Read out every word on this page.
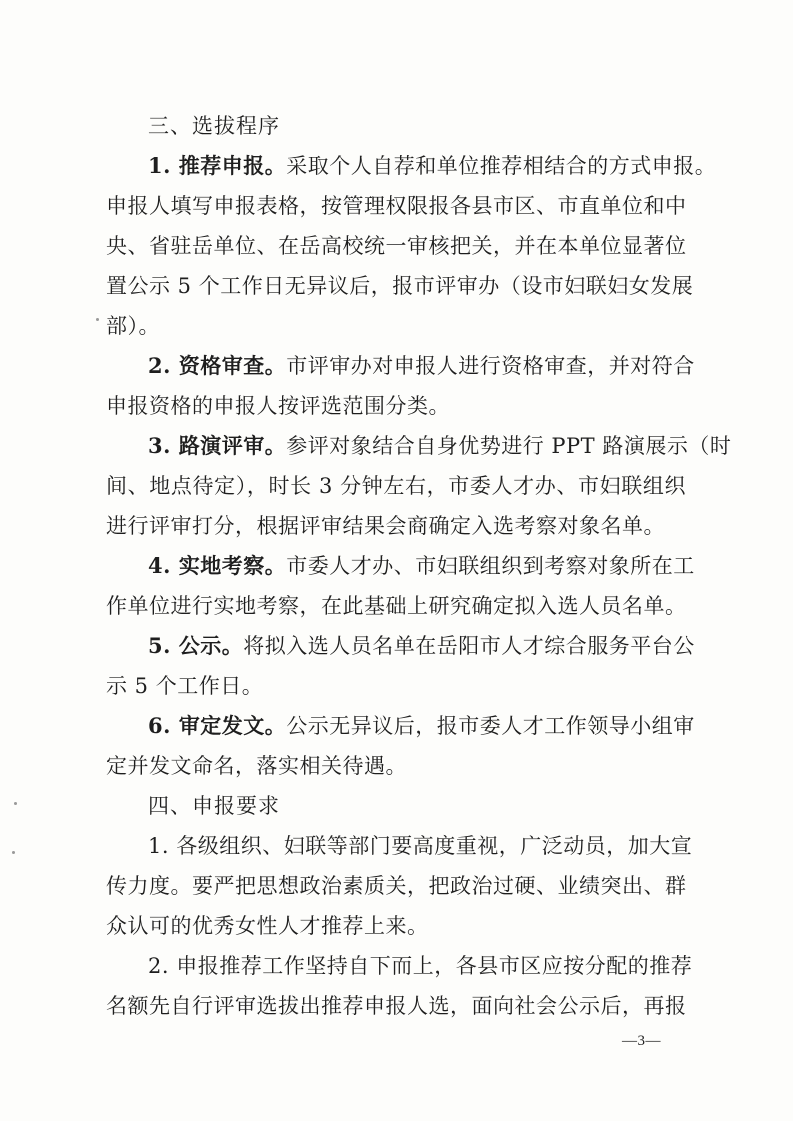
三、选拔程序
1. 推荐申报。采取个人自荐和单位推荐相结合的方式申报。
申报人填写申报表格，按管理权限报各县市区、市直单位和中
央、省驻岳单位、在岳高校统一审核把关，并在本单位显著位
置公示 5 个工作日无异议后，报市评审办（设市妇联妇女发展
部）。
2. 资格审查。市评审办对申报人进行资格审查，并对符合
申报资格的申报人按评选范围分类。
3. 路演评审。参评对象结合自身优势进行 PPT 路演展示（时
间、地点待定），时长 3 分钟左右，市委人才办、市妇联组织
进行评审打分，根据评审结果会商确定入选考察对象名单。
4. 实地考察。市委人才办、市妇联组织到考察对象所在工
作单位进行实地考察，在此基础上研究确定拟入选人员名单。
5. 公示。将拟入选人员名单在岳阳市人才综合服务平台公
示 5 个工作日。
6. 审定发文。公示无异议后，报市委人才工作领导小组审
定并发文命名，落实相关待遇。
四、申报要求
1. 各级组织、妇联等部门要高度重视，广泛动员，加大宣
传力度。要严把思想政治素质关，把政治过硬、业绩突出、群
众认可的优秀女性人才推荐上来。
2. 申报推荐工作坚持自下而上，各县市区应按分配的推荐
名额先自行评审选拔出推荐申报人选，面向社会公示后，再报
—3—
